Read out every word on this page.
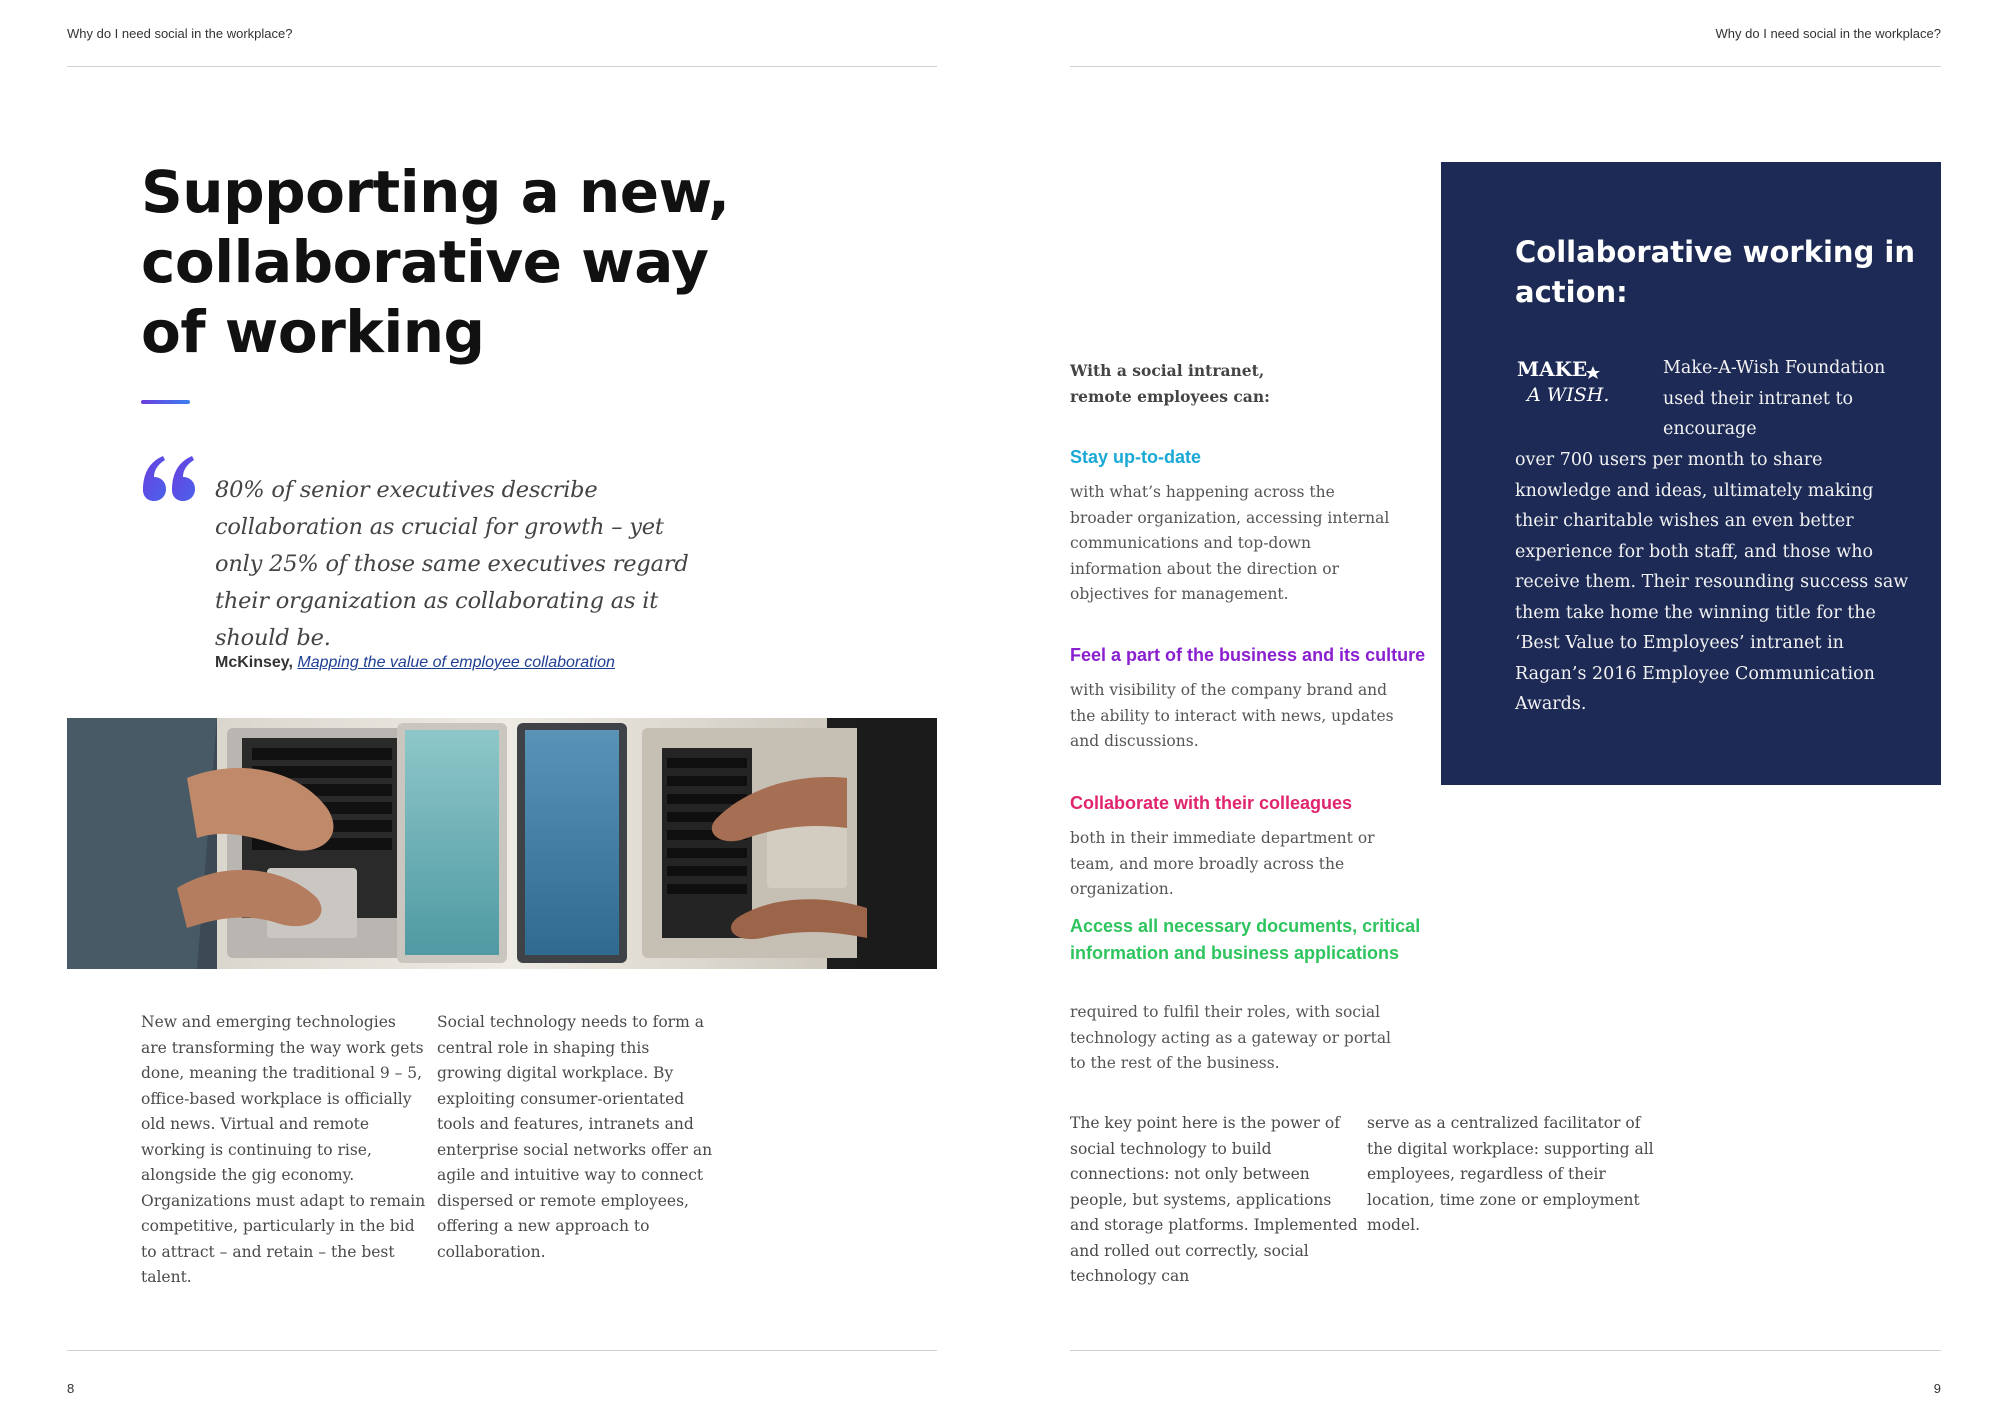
Why do I need social in the workplace?
Supporting a new,
collaborative way
of working

80% of senior executives describe collaboration as crucial for growth – yet only 25% of those same executives regard their organization as collaborating as it should be.

McKinsey, Mapping the value of employee collaboration

New and emerging technologies are transforming the way work gets done, meaning the traditional 9 – 5, office-based workplace is officially old news. Virtual and remote working is continuing to rise, alongside the gig economy. Organizations must adapt to remain competitive, particularly in the bid to attract – and retain – the best talent.

Social technology needs to form a central role in shaping this growing digital workplace. By exploiting consumer-orientated tools and features, intranets and enterprise social networks offer an agile and intuitive way to connect dispersed or remote employees, offering a new approach to collaboration.

8
Why do I need social in the workplace?

With a social intranet, remote employees can:

Stay up-to-date

with what’s happening across the broader organization, accessing internal communications and top-down information about the direction or objectives for management.

Feel a part of the business and its culture

with visibility of the company brand and the ability to interact with news, updates and discussions.

Collaborate with their colleagues

both in their immediate department or team, and more broadly across the organization.

Access all necessary documents, critical information and business applications

required to fulfil their roles, with social technology acting as a gateway or portal to the rest of the business.

The key point here is the power of social technology to build connections: not only between people, but systems, applications and storage platforms. Implemented and rolled out correctly, social technology can

serve as a centralized facilitator of the digital workplace: supporting all employees, regardless of their location, time zone or employment model.

Collaborative working in action:
MAKE
A WISH.

Make-A-Wish Foundation used their intranet to encourage

over 700 users per month to share knowledge and ideas, ultimately making their charitable wishes an even better experience for both staff, and those who receive them. Their resounding success saw them take home the winning title for the ‘Best Value to Employees’ intranet in Ragan’s 2016 Employee Communication Awards.

9
